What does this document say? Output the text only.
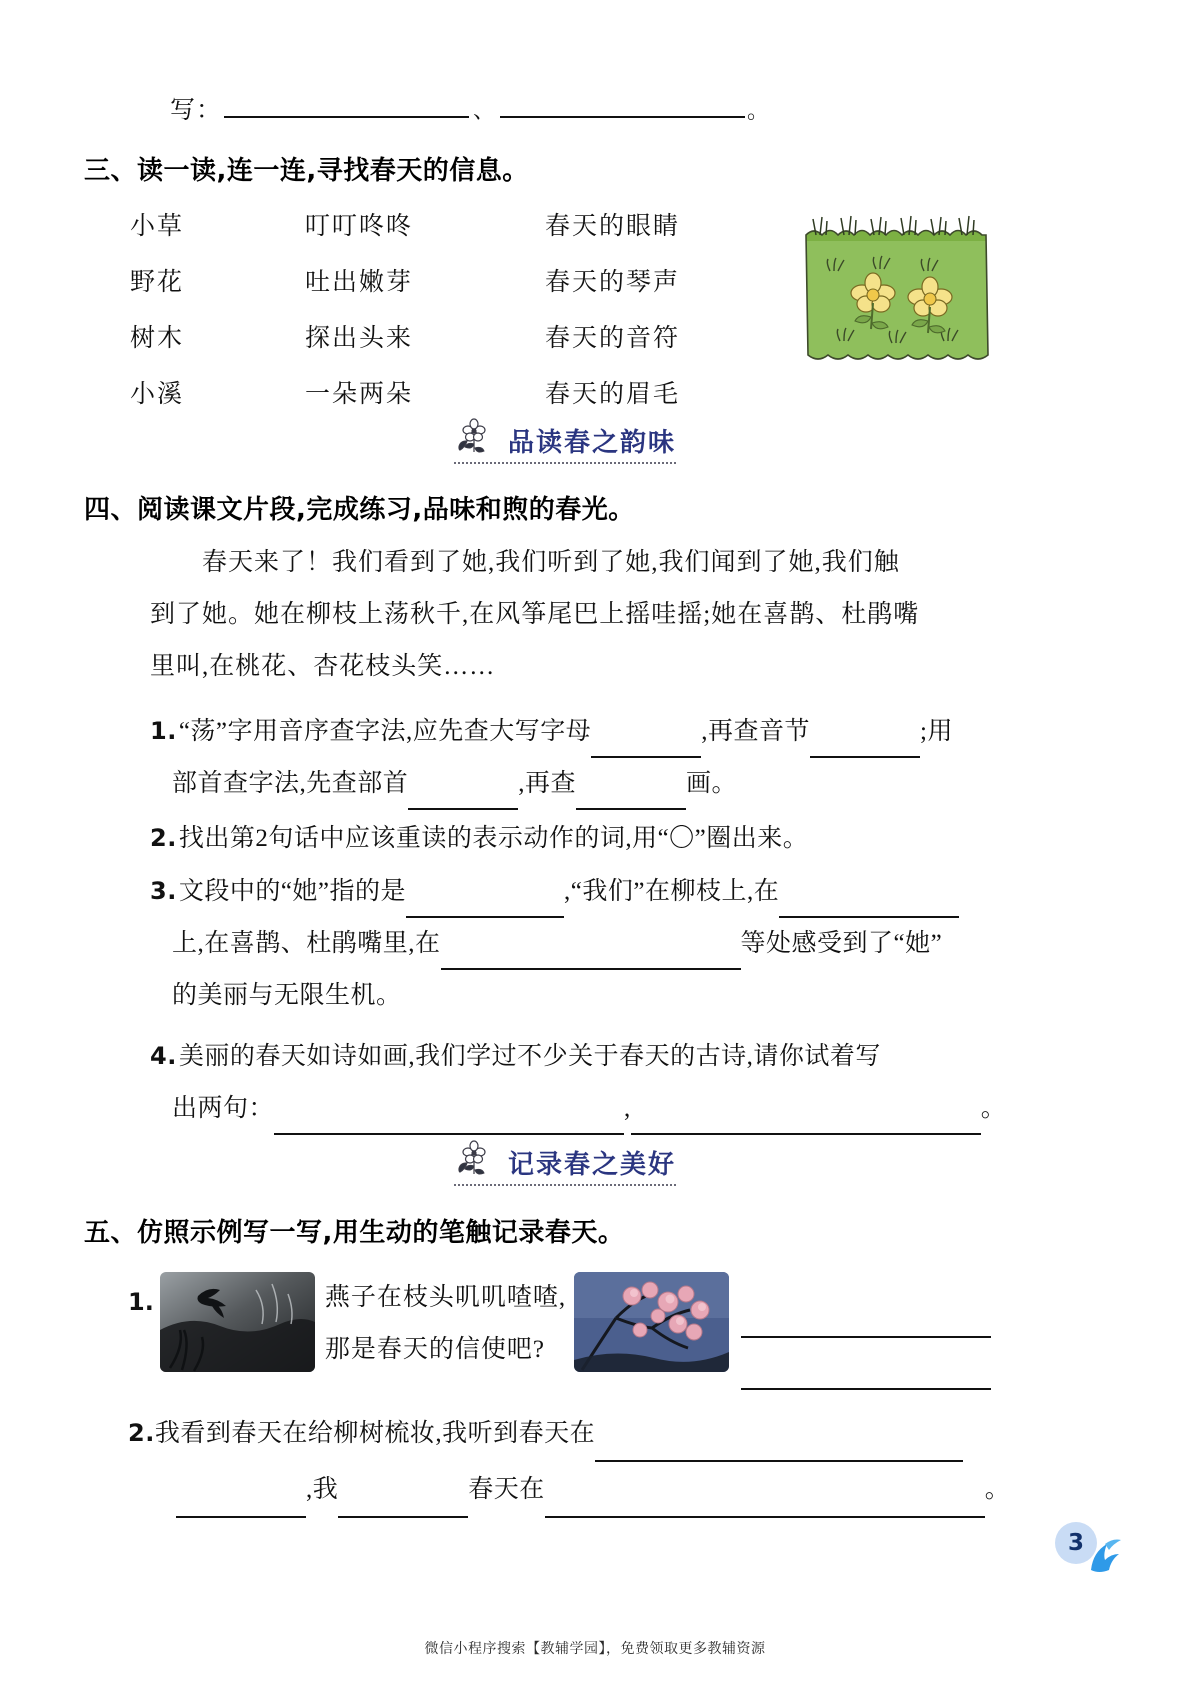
写：	、	。
三、读一读,连一连,寻找春天的信息。
小草	叮叮咚咚	春天的眼睛
野花	吐出嫩芽	春天的琴声
树木	探出头来	春天的音符
小溪	一朵两朵	春天的眉毛
品读春之韵味
四、阅读课文片段,完成练习,品味和煦的春光。
春天来了！我们看到了她,我们听到了她,我们闻到了她,我们触
到了她。她在柳枝上荡秋千,在风筝尾巴上摇哇摇;她在喜鹊、杜鹃嘴
里叫,在桃花、杏花枝头笑……
1.“荡”字用音序查字法,应先查大写字母	,再查音节	;用
部首查字法,先查部首	,再查	画。
2.找出第2句话中应该重读的表示动作的词,用“〇”圈出来。
3.文段中的“她”指的是	,“我们”在柳枝上,在
上,在喜鹊、杜鹃嘴里,在	等处感受到了“她”
的美丽与无限生机。
4.美丽的春天如诗如画,我们学过不少关于春天的古诗,请你试着写
出两句：	,	。
记录春之美好
五、仿照示例写一写,用生动的笔触记录春天。
1.	燕子在枝头叽叽喳喳,
那是春天的信使吧?
2.我看到春天在给柳树梳妆,我听到春天在
,我	春天在	。
3
微信小程序搜索【教辅学园】，免费领取更多教辅资源
